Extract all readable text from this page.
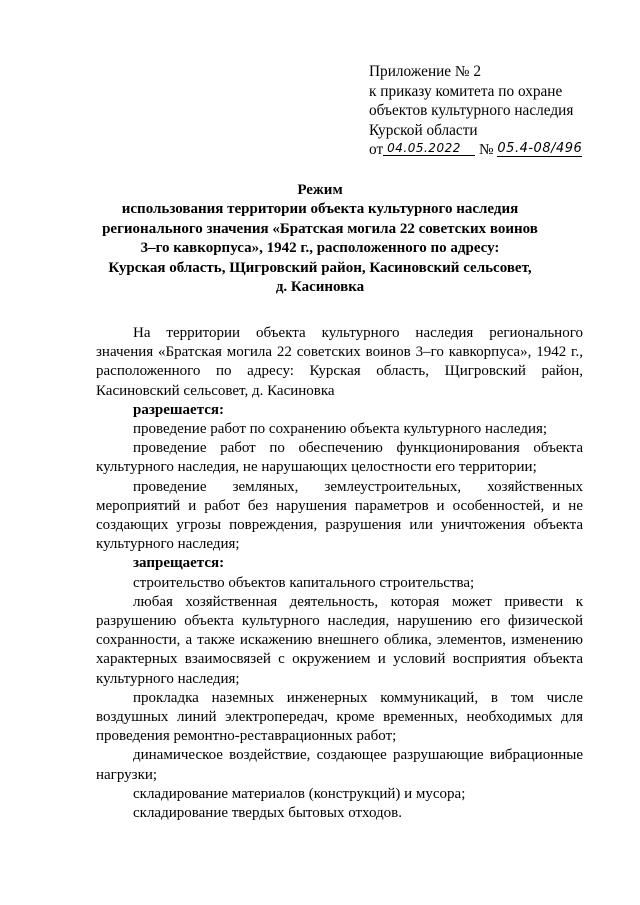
Приложение № 2
к приказу комитета по охране
объектов культурного наследия
Курской области
от 04.05.2022 № 05.4-08/496
Режим
использования территории объекта культурного наследия
регионального значения «Братская могила 22 советских воинов
3–го кавкорпуса», 1942 г., расположенного по адресу:
Курская область, Щигровский район, Касиновский сельсовет,
д. Касиновка

На территории объекта культурного наследия регионального

значения «Братская могила 22 советских воинов 3–го кавкорпуса», 1942 г.,

расположенного по адресу: Курская область, Щигровский район,

Касиновский сельсовет, д. Касиновка

разрешается:

проведение работ по сохранению объекта культурного наследия;

проведение работ по обеспечению функционирования объекта культурного наследия, не нарушающих целостности его территории;

проведение земляных, землеустроительных, хозяйственных мероприятий и работ без нарушения параметров и особенностей, и не создающих угрозы повреждения, разрушения или уничтожения объекта культурного наследия;

запрещается:

строительство объектов капитального строительства;

любая хозяйственная деятельность, которая может привести к разрушению объекта культурного наследия, нарушению его физической сохранности, а также искажению внешнего облика, элементов, изменению характерных взаимосвязей с окружением и условий восприятия объекта культурного наследия;

прокладка наземных инженерных коммуникаций, в том числе воздушных линий электропередач, кроме временных, необходимых для проведения ремонтно-реставрационных работ;

динамическое воздействие, создающее разрушающие вибрационные нагрузки;

складирование материалов (конструкций) и мусора;

складирование твердых бытовых отходов.
